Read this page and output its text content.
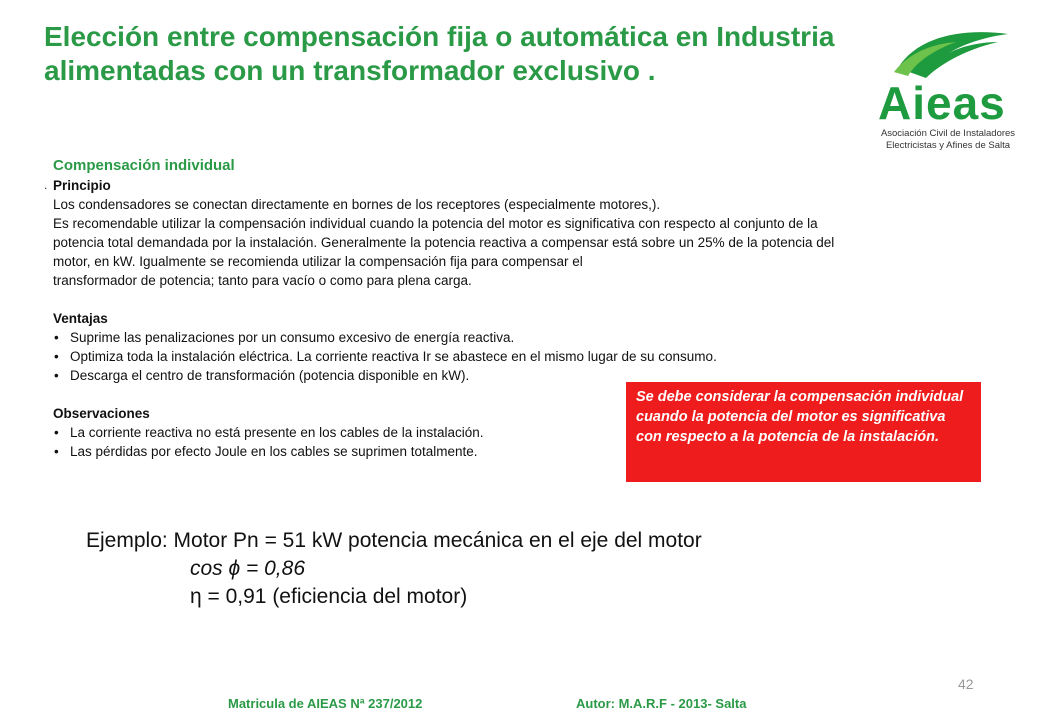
Elección entre compensación fija o automática en Industria alimentadas con un transformador exclusivo .
Aieas
Asociación Civil de Instaladores
Electricistas y Afines de Salta
.
Compensación individual
Principio

Los condensadores se conectan directamente en bornes de los receptores (especialmente motores,).

Es recomendable utilizar la compensación individual cuando la potencia del motor es significativa con respecto al conjunto de la

potencia total demandada por la instalación. Generalmente la potencia reactiva a compensar está sobre un 25% de la potencia del

motor, en kW. Igualmente se recomienda utilizar la compensación fija para compensar el

transformador de potencia; tanto para vacío o como para plena carga.

Ventajas
• Suprime las penalizaciones por un consumo excesivo de energía reactiva.
• Optimiza toda la instalación eléctrica. La corriente reactiva Ir se abastece en el mismo lugar de su consumo.
• Descarga el centro de transformación (potencia disponible en kW).
Observaciones
• La corriente reactiva no está presente en los cables de la instalación.
• Las pérdidas por efecto Joule en los cables se suprimen totalmente.
Se debe considerar la compensación individual cuando la potencia del motor es significativa con respecto a la potencia de la instalación.
Ejemplo: Motor Pn = 51 kW potencia mecánica en el eje del motor
cos ϕ = 0,86
η = 0,91 (eficiencia del motor)
42
Matricula de AIEAS Nª 237/2012	Autor: M.A.R.F - 2013- Salta
